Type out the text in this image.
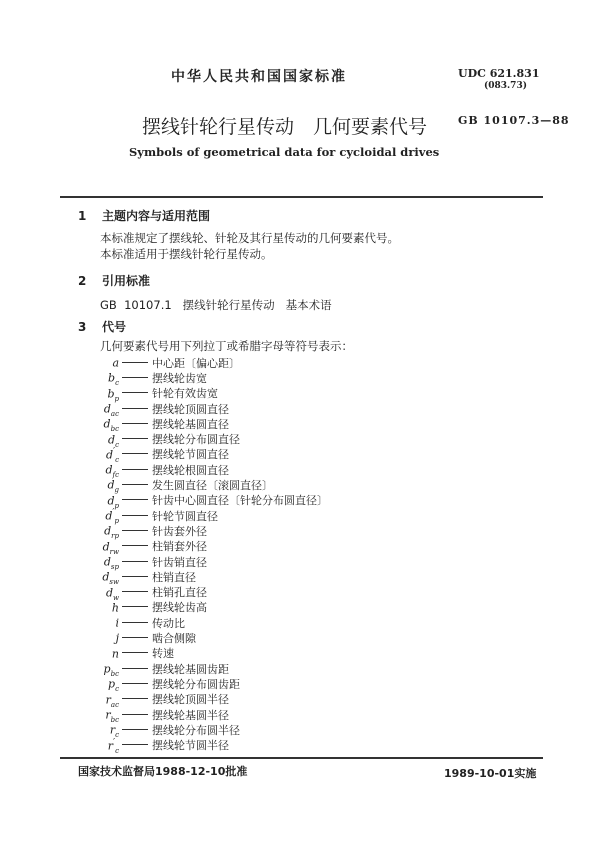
中华人民共和国国家标准	UDC 621.831
(083.73)
摆线针轮行星传动　几何要素代号	GB 10107.3—88
Symbols of geometrical data for cycloidal drives
1 主题内容与适用范围
本标准规定了摆线轮、针轮及其行星传动的几何要素代号。
本标准适用于摆线针轮行星传动。
2 引用标准
GB  10107.1   摆线针轮行星传动   基本术语
3 代号
几何要素代号用下列拉丁或希腊字母等符号表示：
a	中心距〔偏心距〕
$b_c$	摆线轮齿宽
$b_p$	针轮有效齿宽
$d_{ac}$	摆线轮顶圆直径
$d_{bc}$	摆线轮基圆直径
$d_c$	摆线轮分布圆直径
$d'_c$	摆线轮节圆直径
$d_{fc}$	摆线轮根圆直径
$d_g$	发生圆直径〔滚圆直径〕
$d_p$	针齿中心圆直径〔针轮分布圆直径〕
$d'_p$	针轮节圆直径
$d_{rp}$	针齿套外径
$d_{rw}$	柱销套外径
$d_{sp}$	针齿销直径
$d_{sw}$	柱销直径
$d_w$	柱销孔直径
h	摆线轮齿高
i	传动比
j	啮合侧隙
n	转速
$p_{bc}$	摆线轮基圆齿距
$p_c$	摆线轮分布圆齿距
$r_{ac}$	摆线轮顶圆半径
$r_{bc}$	摆线轮基圆半径
$r_c$	摆线轮分布圆半径
$r'_c$	摆线轮节圆半径
国家技术监督局1988-12-10批准	1989-10-01实施
